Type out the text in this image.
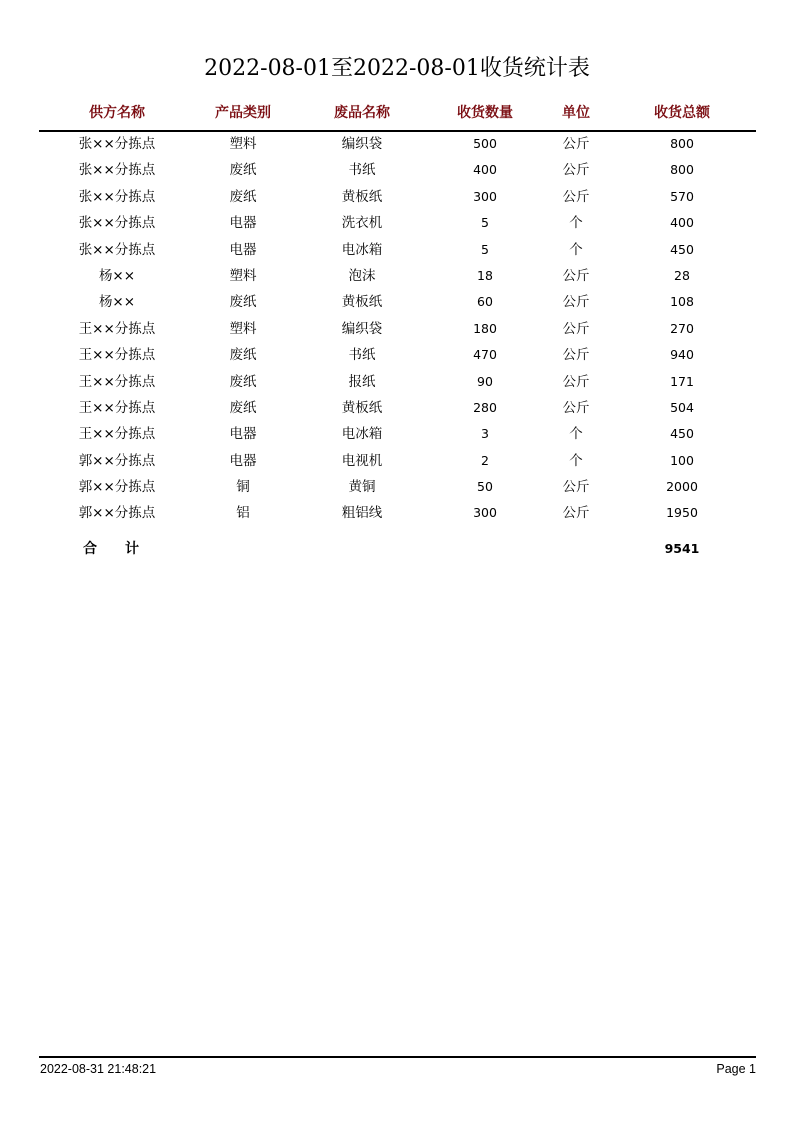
2022-08-01至2022-08-01收货统计表
供方名称	产品类别	废品名称	收货数量	单位	收货总额
张××分拣点	塑料	编织袋	500	公斤	800
张××分拣点	废纸	书纸	400	公斤	800
张××分拣点	废纸	黄板纸	300	公斤	570
张××分拣点	电器	洗衣机	5	个	400
张××分拣点	电器	电冰箱	5	个	450
杨××	塑料	泡沫	18	公斤	28
杨××	废纸	黄板纸	60	公斤	108
王××分拣点	塑料	编织袋	180	公斤	270
王××分拣点	废纸	书纸	470	公斤	940
王××分拣点	废纸	报纸	90	公斤	171
王××分拣点	废纸	黄板纸	280	公斤	504
王××分拣点	电器	电冰箱	3	个	450
郭××分拣点	电器	电视机	2	个	100
郭××分拣点	铜	黄铜	50	公斤	2000
郭××分拣点	铝	粗铝线	300	公斤	1950
合计	9541
2022-08-31 21:48:21	Page 1
